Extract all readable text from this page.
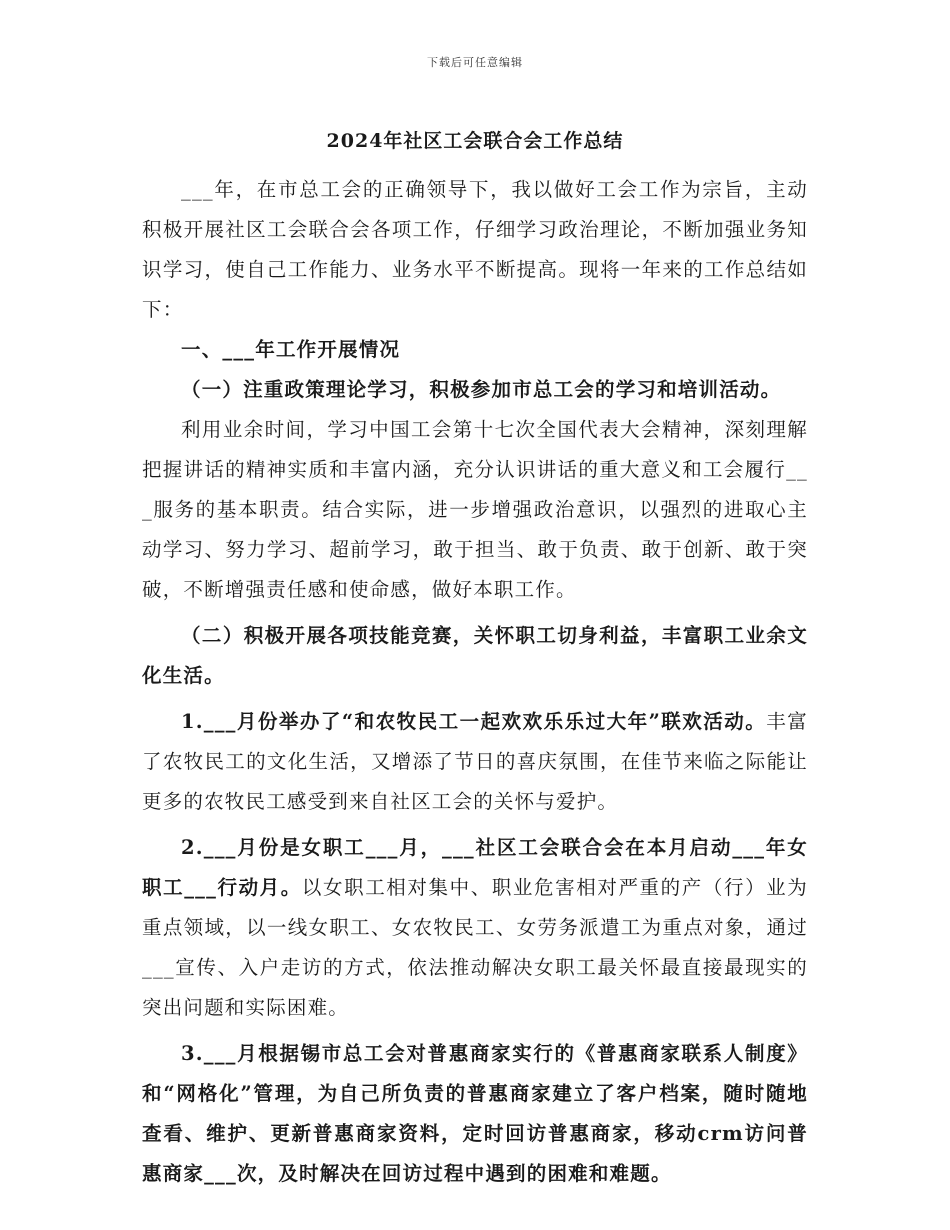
下载后可任意编辑
2024年社区工会联合会工作总结

___年，在市总工会的正确领导下，我以做好工会工作为宗旨，主动积极开展社区工会联合会各项工作，仔细学习政治理论，不断加强业务知识学习，使自己工作能力、业务水平不断提高。现将一年来的工作总结如下：

一、___年工作开展情况

（一）注重政策理论学习，积极参加市总工会的学习和培训活动。

利用业余时间，学习中国工会第十七次全国代表大会精神，深刻理解把握讲话的精神实质和丰富内涵，充分认识讲话的重大意义和工会履行___服务的基本职责。结合实际，进一步增强政治意识，以强烈的进取心主动学习、努力学习、超前学习，敢于担当、敢于负责、敢于创新、敢于突破，不断增强责任感和使命感，做好本职工作。

（二）积极开展各项技能竞赛，关怀职工切身利益，丰富职工业余文化生活。

1.___月份举办了“和农牧民工一起欢欢乐乐过大年”联欢活动。丰富了农牧民工的文化生活，又增添了节日的喜庆氛围，在佳节来临之际能让更多的农牧民工感受到来自社区工会的关怀与爱护。

2.___月份是女职工___月，___社区工会联合会在本月启动___年女职工___行动月。以女职工相对集中、职业危害相对严重的产（行）业为重点领域，以一线女职工、女农牧民工、女劳务派遣工为重点对象，通过___宣传、入户走访的方式，依法推动解决女职工最关怀最直接最现实的突出问题和实际困难。

3.___月根据锡市总工会对普惠商家实行的《普惠商家联系人制度》和“网格化”管理，为自己所负责的普惠商家建立了客户档案，随时随地查看、维护、更新普惠商家资料，定时回访普惠商家，移动crm访问普惠商家___次，及时解决在回访过程中遇到的困难和难题。
